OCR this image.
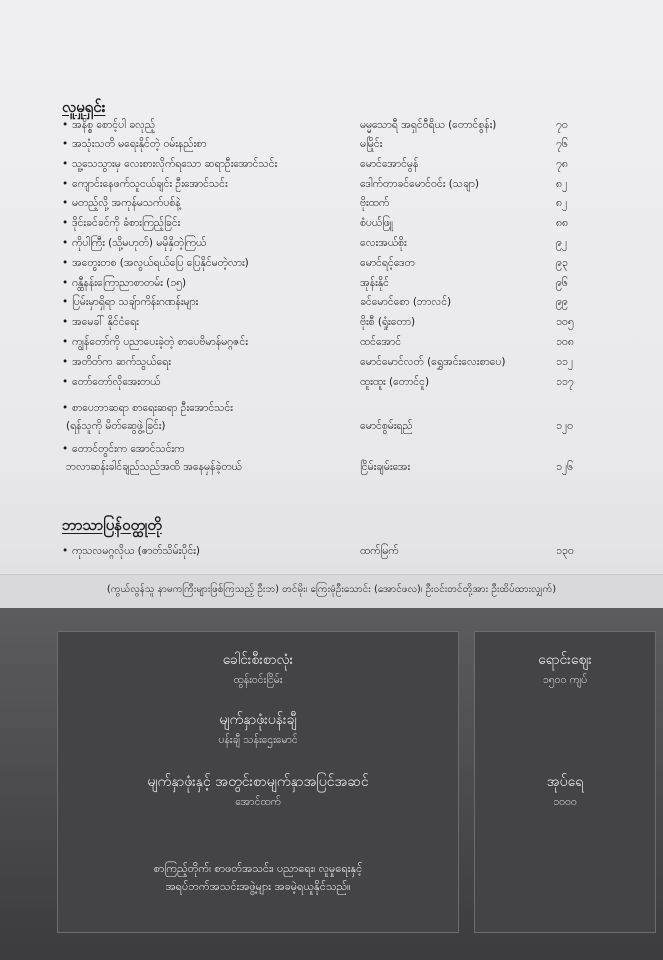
လူမှုရှင်း
• အနိစ္စ စောင့်ပါ ခလုည့်	မမ္မသောရီ အရှင်ဝီရိယ (တောင်စွန်း)	၇၀
• အသုံးသတိ မရေးနိုင်တဲ့ ဝမ်းနည်းစာ	မမြိုင်း	၇၆
• သူ့သေသွားမှ လေးစားလိုက်ရသော ဆရာဦးအောင်သင်း	မောင်အောင်မွန်	၇၈
• ကျောင်းနေဖက်သူငယ်ချင်း ဦးအောင်သင်း	ဒေါက်တာခင်မောင်ဝင်း (သချာ)	၈၂
• မတည့်လို့ အကုန်မသက်ပစ်နဲ့	ဗိုးထက်	၈၂
• ဒိုင်းခင်ခင်ကို ခံစားကြည့်ခြင်း	စံပယ်ဖြူ	၈၈
• ကိုပါကြီး (သို့မဟုတ်) မမိုနှိတဲ့ကြယ်	လေးအယ်စိုး	၉၂
• အတွေးတစ (အလွယ်ရယ်ပြေ ပြေနိုင်မတဲ့လား)	မောင်ရင့်ဒေတ	၉၃
• ဂန္ထီနန်းကြောညာစာတမ်း (၁၅)	အုန်းနိုင်	၉၆
• ပြမ်းမှာရှိရာ သချ်ာကိန်းဂဏန်းများ	ခင်မောင်စော (ဘာလင်)	၉၉
• အမေခါ် နိုင်ငံရေး	ဗိုးစီ (ရှုံးတော)	၁၀၅
• ကျွန်တော်ကို ပညာပေးခဲ့တဲ့ စာပေဗိမာန်မဂ္ဂဇင်း	ထင်အောင်	၁၀၈
• အတိတ်က ဆက်သွယ်ရေး	မောင်မောင်လတ် (ရွှေအင်းလေးစာပေ)	၁၁၂
• တော်တော်လိုအေးတယ်	ထူးထူး (တောင်ငူ)	၁၁၇
• စာပေဘာဆရာ စာရေးဆရာ ဦးအောင်သင်း
(ရန်သူကို မိတ်ဆွေဖွဲ့ခြင်း)	မောင်စွမ်းရည်	၁၂၀
• တောင်တွင်းက အောင်သင်းက
ဘလာဆန်းခါင်ချည်သည်အထိ အနေမှန်ခဲ့တယ်	ငြိမ်းချမ်းအေး	၁၂၆
ဘာသာပြန်ဝတ္ထုတို
• ကုသလမဂ္ဂလိုယ (ဇာတ်သိမ်းပိုင်း)	ထက်မြက်	၁၃၀
(ကွယ်လွန်သူ နာမကကြီးများဖြစ်ကြသည့် ဦးဘ) တင်မိုး၊ ကြေးမုံဦးသောင်း (အောင်ဖလ)၊ ဦးဝင်းတင်တို့အား ဦးထိပ်ထားလျှက်)
ခေါင်းစီးစာလုံး
ထွန်းဝင်းငြိမ်း
မျက်နှာဖုံးပန်းချီ
ပန်းချီ သန်းဌေးမောင်
မျက်နှာဖုံးနှင့် အတွင်းစာမျက်နှာအပြင်အဆင်
အောင်ထက်
စာကြည့်တိုက်၊ စာဖတ်အသင်း၊ ပညာရေး၊ လူမှုရေးနှင့်
အရပ်ဘက်အသင်းအဖွဲ့များ အခမဲ့ရယူနိုင်သည်။
ရောင်းဈေး
၁၅၀၀ ကျပ်
အုပ်ရေ
၁၀၀၀
